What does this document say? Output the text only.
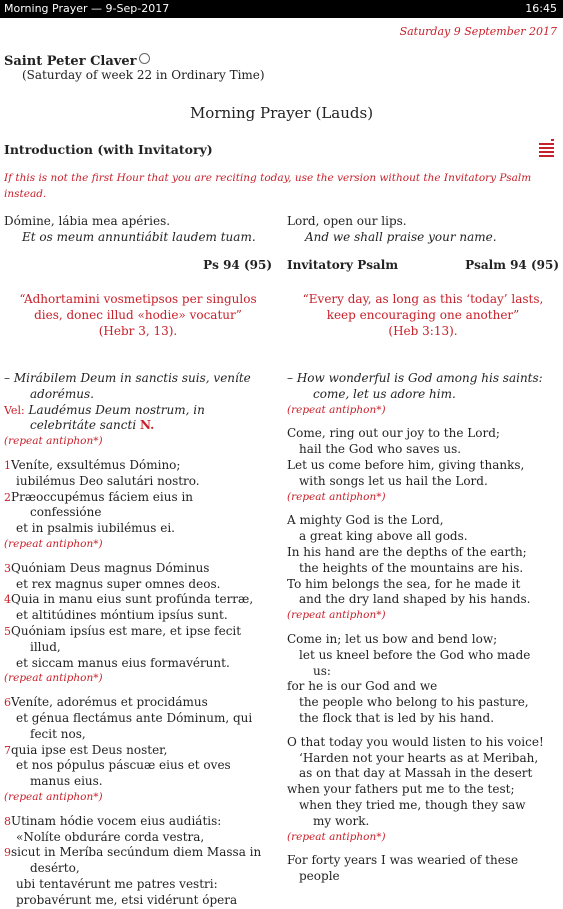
Morning Prayer — 9-Sep-2017	16:45
Saturday 9 September 2017
Saint Peter Claver
(Saturday of week 22 in Ordinary Time)
Morning Prayer (Lauds)
Introduction (with Invitatory)
If this is not the first Hour that you are reciting today, use the version without the Invitatory Psalm instead.
Dómine, lábia mea apéries.
Et os meum annuntiábit laudem tuam.
Lord, open our lips.
And we shall praise your name.
Ps 94 (95) Invitatory Psalm	Psalm 94 (95)
“Adhortamini vosmetipsos per singulos
dies, donec illud «hodie» vocatur”
(Hebr 3, 13).
“Every day, as long as this ‘today’ lasts,
keep encouraging one another”
(Heb 3:13).
– Mirábilem Deum in sanctis suis, veníte
adorémus.
Vel: Laudémus Deum nostrum, in
celebritáte sancti N.
(repeat antiphon*)
1Veníte, exsultémus Dómino;
iubilémus Deo salutári nostro.
2Præoccupémus fáciem eius in
confessióne
et in psalmis iubilémus ei.
(repeat antiphon*)
3Quóniam Deus magnus Dóminus
et rex magnus super omnes deos.
4Quia in manu eius sunt profúnda terræ,
et altitúdines móntium ipsíus sunt.
5Quóniam ipsíus est mare, et ipse fecit
illud,
et siccam manus eius formavérunt.
(repeat antiphon*)
6Veníte, adorémus et procidámus
et génua flectámus ante Dóminum, qui
fecit nos,
7quia ipse est Deus noster,
et nos pópulus páscuæ eius et oves
manus eius.
(repeat antiphon*)
8Utinam hódie vocem eius audiátis:
«Nolíte obduráre corda vestra,
9sicut in Meríba secúndum diem Massa in
desérto,
ubi tentavérunt me patres vestri:
probavérunt me, etsi vidérunt ópera
– How wonderful is God among his saints:
come, let us adore him.
(repeat antiphon*)
Come, ring out our joy to the Lord;
hail the God who saves us.
Let us come before him, giving thanks,
with songs let us hail the Lord.
(repeat antiphon*)
A mighty God is the Lord,
a great king above all gods.
In his hand are the depths of the earth;
the heights of the mountains are his.
To him belongs the sea, for he made it
and the dry land shaped by his hands.
(repeat antiphon*)
Come in; let us bow and bend low;
let us kneel before the God who made
us:
for he is our God and we
the people who belong to his pasture,
the flock that is led by his hand.
O that today you would listen to his voice!
‘Harden not your hearts as at Meribah,
as on that day at Massah in the desert
when your fathers put me to the test;
when they tried me, though they saw
my work.
(repeat antiphon*)
For forty years I was wearied of these
people
